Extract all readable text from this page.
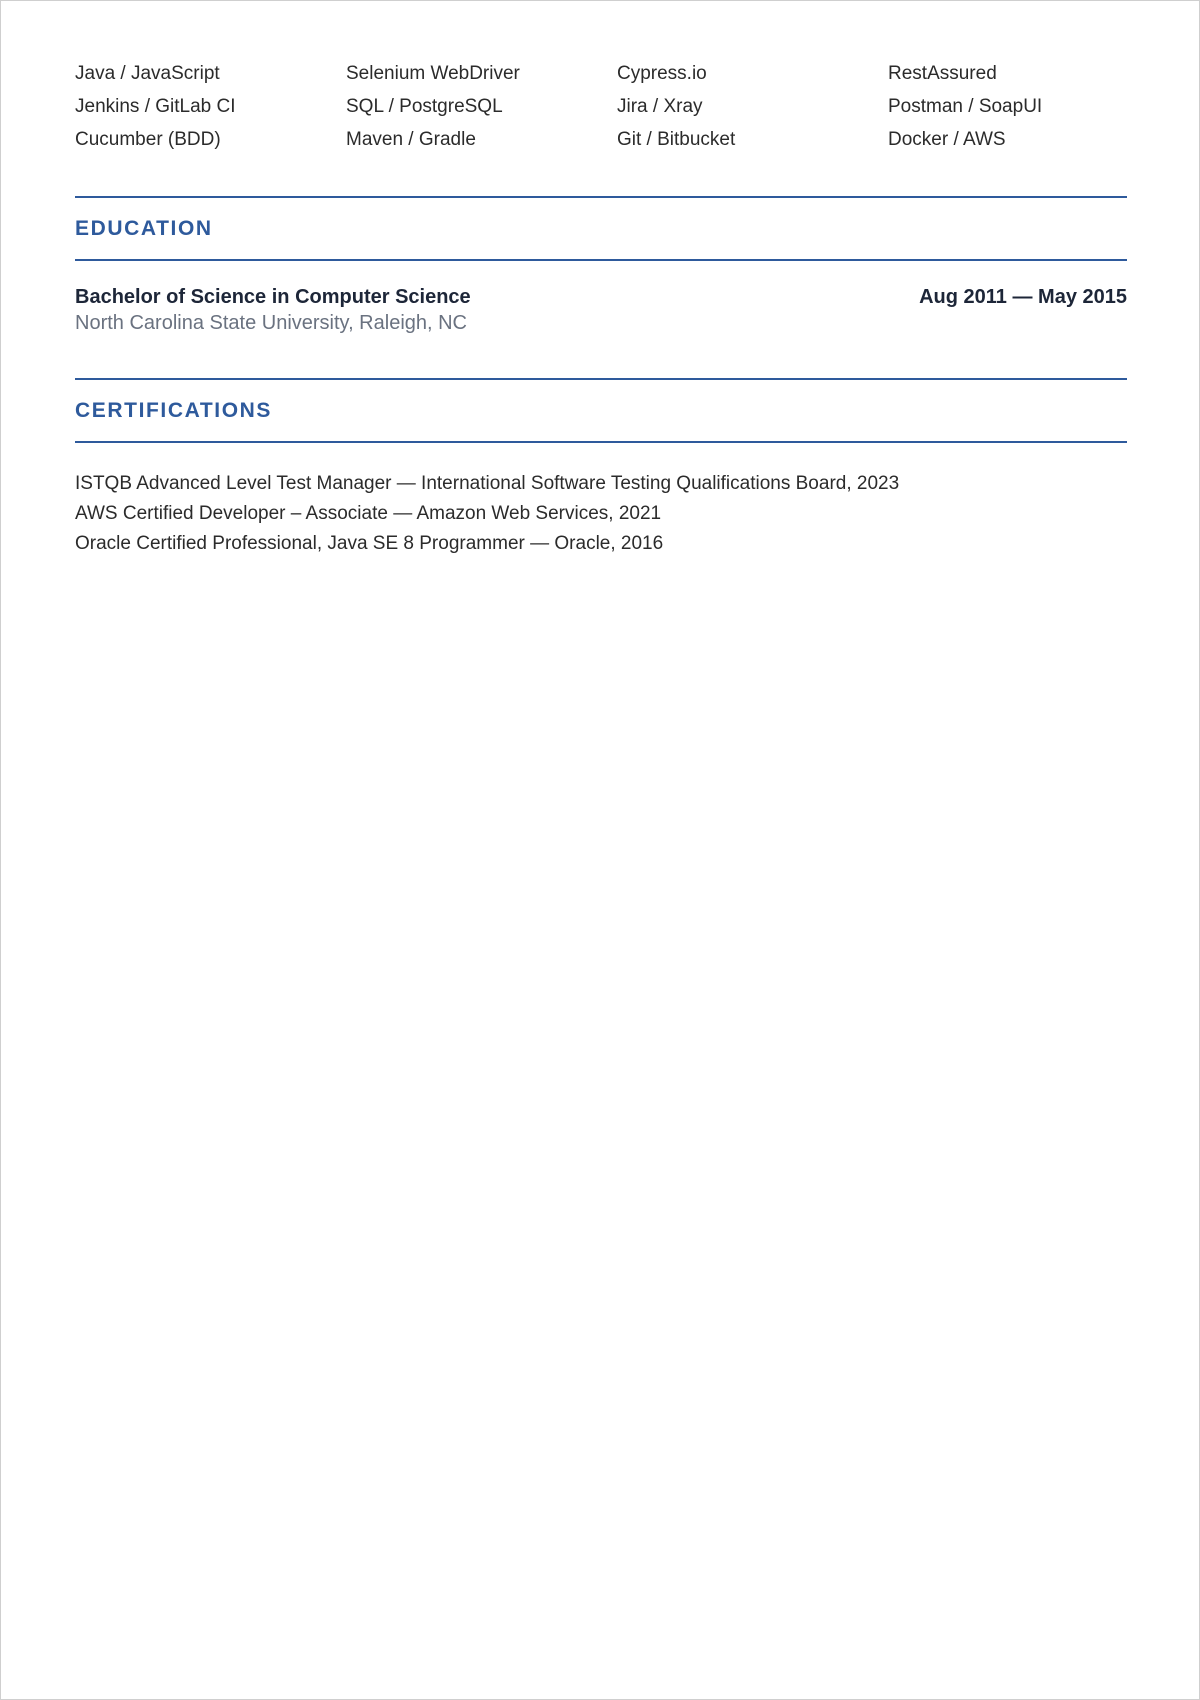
Java / JavaScript	Selenium WebDriver	Cypress.io	RestAssured
Jenkins / GitLab CI	SQL / PostgreSQL	Jira / Xray	Postman / SoapUI
Cucumber (BDD)	Maven / Gradle	Git / Bitbucket	Docker / AWS
EDUCATION
Bachelor of Science in Computer Science	Aug 2011 — May 2015
North Carolina State University, Raleigh, NC
CERTIFICATIONS
ISTQB Advanced Level Test Manager — International Software Testing Qualifications Board, 2023
AWS Certified Developer – Associate — Amazon Web Services, 2021
Oracle Certified Professional, Java SE 8 Programmer — Oracle, 2016
